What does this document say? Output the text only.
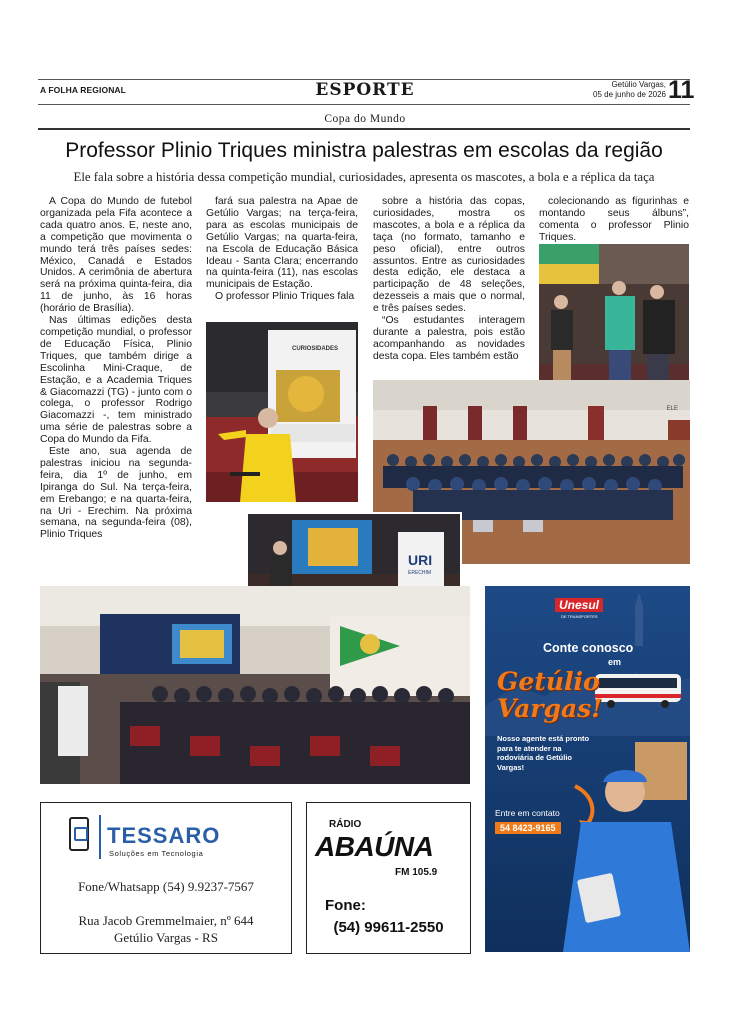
A FOLHA REGIONAL	ESPORTE	Getúlio Vargas,
05 de junho de 2026 11
Copa do Mundo
Professor Plinio Triques ministra palestras em escolas da região
Ele fala sobre a história dessa competição mundial, curiosidades, apresenta os mascotes, a bola e a réplica da taça

A Copa do Mundo de futebol organizada pela Fifa acontece a cada quatro anos. E, neste ano, a competição que movimenta o mundo terá três países sedes: México, Canadá e Estados Unidos. A cerimônia de abertura será na próxima quinta-feira, dia 11 de junho, às 16 horas (horário de Brasília).

Nas últimas edições desta competição mundial, o professor de Educação Física, Plinio Triques, que também dirige a Escolinha Mini-Craque, de Estação, e a Academia Triques & Giacomazzi (TG) - junto com o colega, o professor Rodrigo Giacomazzi -, tem ministrado uma série de palestras sobre a Copa do Mundo da Fifa.

Este ano, sua agenda de palestras iniciou na segunda-feira, dia 1º de junho, em Ipiranga do Sul. Na terça-feira, em Erebango; e na quarta-feira, na Uri - Erechim. Na próxima semana, na segunda-feira (08), Plinio Triques

fará sua palestra na Apae de Getúlio Vargas; na terça-feira, para as escolas municipais de Getúlio Vargas; na quarta-feira, na Escola de Educação Básica Ideau - Santa Clara; encerrando na quinta-feira (11), nas escolas municipais de Estação.

O professor Plinio Triques fala

sobre a história das copas, curiosidades, mostra os mascotes, a bola e a réplica da taça (no formato, tamanho e peso oficial), entre outros assuntos. Entre as curiosidades desta edição, ele destaca a participação de 48 seleções, dezesseis a mais que o normal, e três países sedes.

“Os estudantes interagem durante a palestra, pois estão acompanhando as novidades desta copa. Eles também estão

colecionando as figurinhas e montando seus álbuns”, comenta o professor Plinio Triques.

CURIOSIDADES
ELE
URI
ERECHIM
TESSARO
Soluções em Tecnologia
Fone/Whatsapp (54) 9.9237-7567
Rua Jacob Gremmelmaier, nº 644
Getúlio Vargas - RS
RÁDIO
ABAÚNA
FM 105.9
Fone:
(54) 99611-2550
Unesul
DE TRANSPORTES
Conte conosco
em
Getúlio Vargas!
Nosso agente está pronto para te atender na rodoviária de Getúlio Vargas!
Entre em contato
54 8423-9165
